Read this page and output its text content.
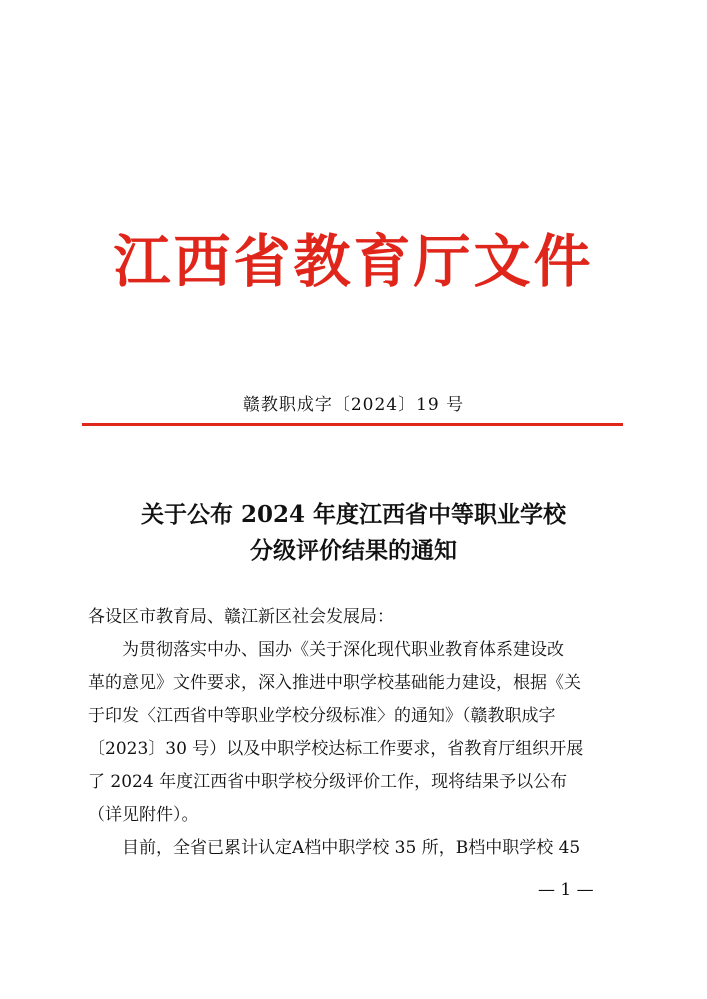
江西省教育厅文件
赣教职成字〔2024〕19 号
关于公布 2024 年度江西省中等职业学校
分级评价结果的通知
各设区市教育局、赣江新区社会发展局：
为贯彻落实中办、国办《关于深化现代职业教育体系建设改
革的意见》文件要求，深入推进中职学校基础能力建设，根据《关
于印发〈江西省中等职业学校分级标准〉的通知》（赣教职成字
〔2023〕30 号）以及中职学校达标工作要求，省教育厅组织开展
了 2024 年度江西省中职学校分级评价工作，现将结果予以公布
（详见附件）。
目前，全省已累计认定A档中职学校 35 所，B档中职学校 45
— 1 —
